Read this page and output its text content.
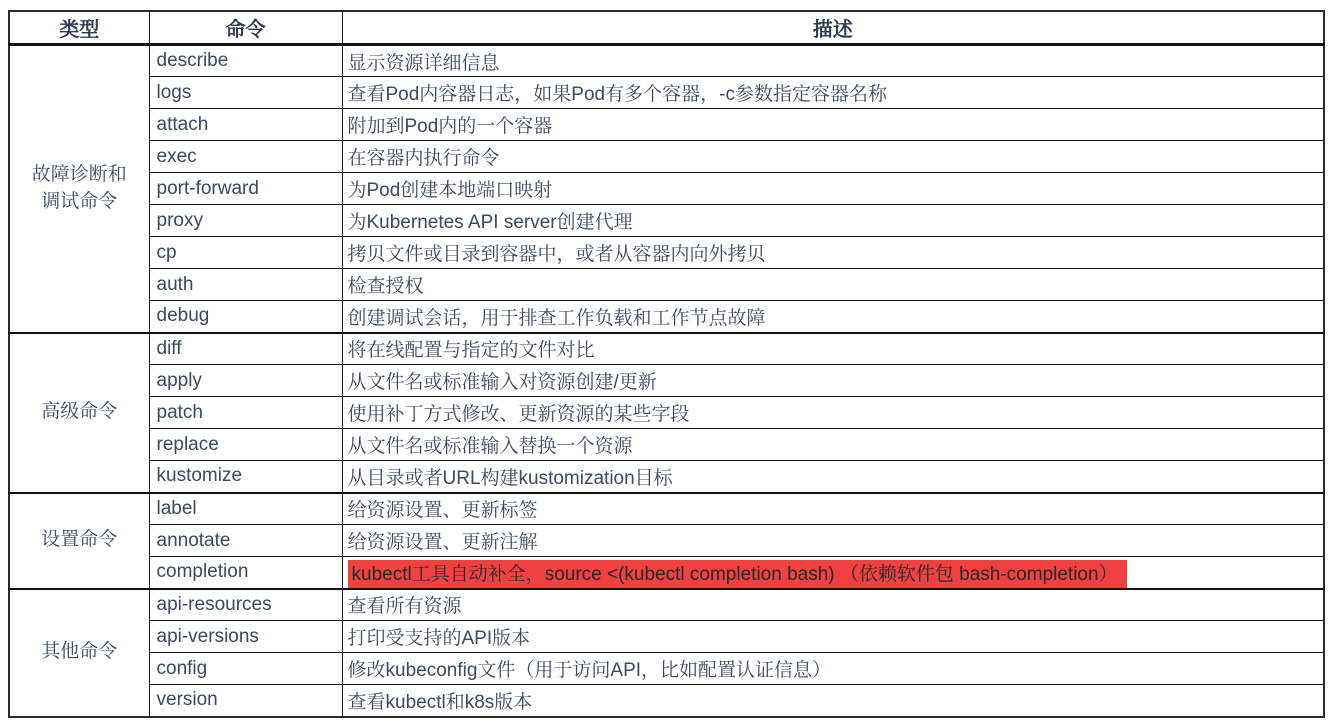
类型	命令	描述
故障诊断和
调试命令	describe	显示资源详细信息
	logs	查看Pod内容器日志，如果Pod有多个容器，-c参数指定容器名称
	attach	附加到Pod内的一个容器
	exec	在容器内执行命令
	port-forward	为Pod创建本地端口映射
	proxy	为Kubernetes API server创建代理
	cp	拷贝文件或目录到容器中，或者从容器内向外拷贝
	auth	检查授权
	debug	创建调试会话，用于排查工作负载和工作节点故障
高级命令	diff	将在线配置与指定的文件对比
	apply	从文件名或标准输入对资源创建/更新
	patch	使用补丁方式修改、更新资源的某些字段
	replace	从文件名或标准输入替换一个资源
	kustomize	从目录或者URL构建kustomization目标
设置命令	label	给资源设置、更新标签
	annotate	给资源设置、更新注解
	completion	kubectl工具自动补全，source <(kubectl completion bash) （依赖软件包 bash-completion）
其他命令	api-resources	查看所有资源
	api-versions	打印受支持的API版本
	config	修改kubeconfig文件（用于访问API，比如配置认证信息）
	version	查看kubectl和k8s版本
